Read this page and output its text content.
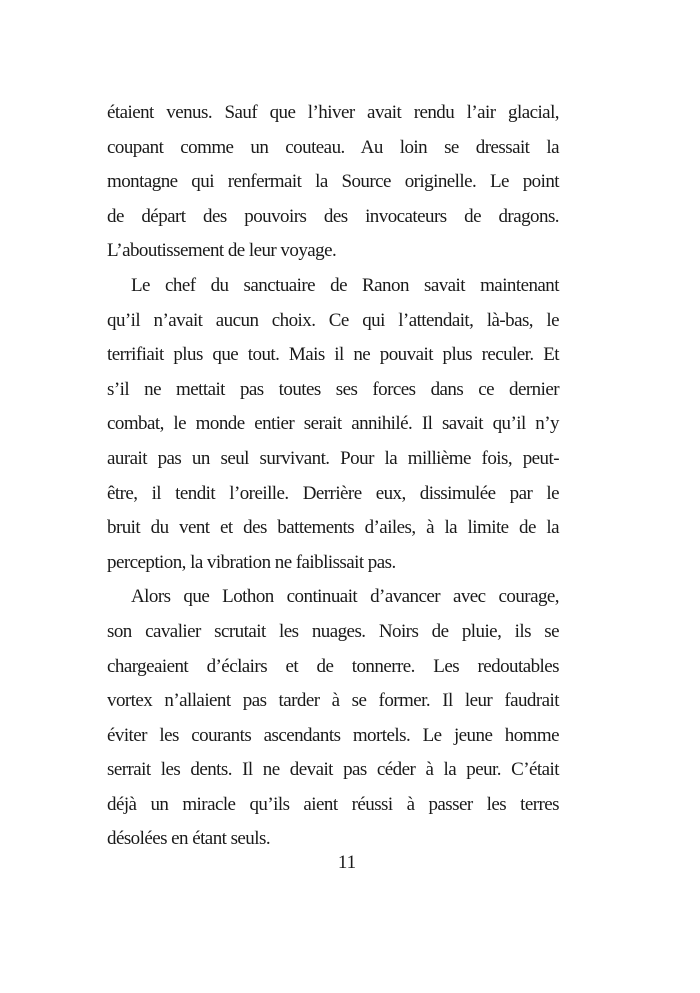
étaient venus. Sauf que l’hiver avait rendu l’air glacial,
coupant comme un couteau. Au loin se dressait la
montagne qui renfermait la Source originelle. Le point
de départ des pouvoirs des invocateurs de dragons.
L’aboutissement de leur voyage.
Le chef du sanctuaire de Ranon savait maintenant
qu’il n’avait aucun choix. Ce qui l’attendait, là-bas, le
terrifiait plus que tout. Mais il ne pouvait plus reculer. Et
s’il ne mettait pas toutes ses forces dans ce dernier
combat, le monde entier serait annihilé. Il savait qu’il n’y
aurait pas un seul survivant. Pour la millième fois, peut-
être, il tendit l’oreille. Derrière eux, dissimulée par le
bruit du vent et des battements d’ailes, à la limite de la
perception, la vibration ne faiblissait pas.
Alors que Lothon continuait d’avancer avec courage,
son cavalier scrutait les nuages. Noirs de pluie, ils se
chargeaient d’éclairs et de tonnerre. Les redoutables
vortex n’allaient pas tarder à se former. Il leur faudrait
éviter les courants ascendants mortels. Le jeune homme
serrait les dents. Il ne devait pas céder à la peur. C’était
déjà un miracle qu’ils aient réussi à passer les terres
désolées en étant seuls.
11
